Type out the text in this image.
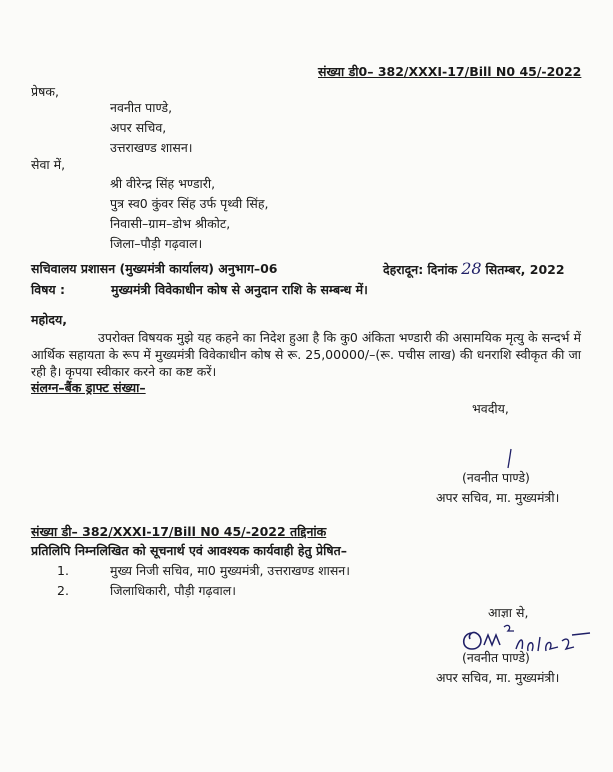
संख्या डी0– 382/XXXI-17/Bill N0 45/-2022
प्रेषक,
नवनीत पाण्डे,
अपर सचिव,
उत्तराखण्ड शासन।
सेवा में,
श्री वीरेन्द्र सिंह भण्डारी,
पुत्र स्व0 कुंवर सिंह उर्फ पृथ्वी सिंह,
निवासी–ग्राम–डोभ श्रीकोट,
जिला–पौड़ी गढ़वाल।
सचिवालय प्रशासन (मुख्यमंत्री कार्यालय) अनुभाग–06	देहरादून: दिनांक 28 सितम्बर, 2022
विषय :	मुख्यमंत्री विवेकाधीन कोष से अनुदान राशि के सम्बन्ध में।
महोदय,
उपरोक्त विषयक मुझे यह कहने का निदेश हुआ है कि कु0 अंकिता भण्डारी की असामयिक मृत्यु के सन्दर्भ में आर्थिक सहायता के रूप में मुख्यमंत्री विवेकाधीन कोष से रू. 25,00000/–(रू. पचीस लाख) की धनराशि स्वीकृत की जा रही है। कृपया स्वीकार करने का कष्ट करें।
संलग्न–बैंक ड्राफ्ट संख्या–
भवदीय,
(नवनीत पाण्डे)
अपर सचिव, मा. मुख्यमंत्री।
संख्या डी– 382/XXXI-17/Bill N0 45/-2022 तद्दिनांक
प्रतिलिपि निम्नलिखित को सूचनार्थ एवं आवश्यक कार्यवाही हेतु प्रेषित–
1.	मुख्य निजी सचिव, मा0 मुख्यमंत्री, उत्तराखण्ड शासन।
2.	जिलाधिकारी, पौड़ी गढ़वाल।
आज्ञा से,
(नवनीत पाण्डे)
अपर सचिव, मा. मुख्यमंत्री।
